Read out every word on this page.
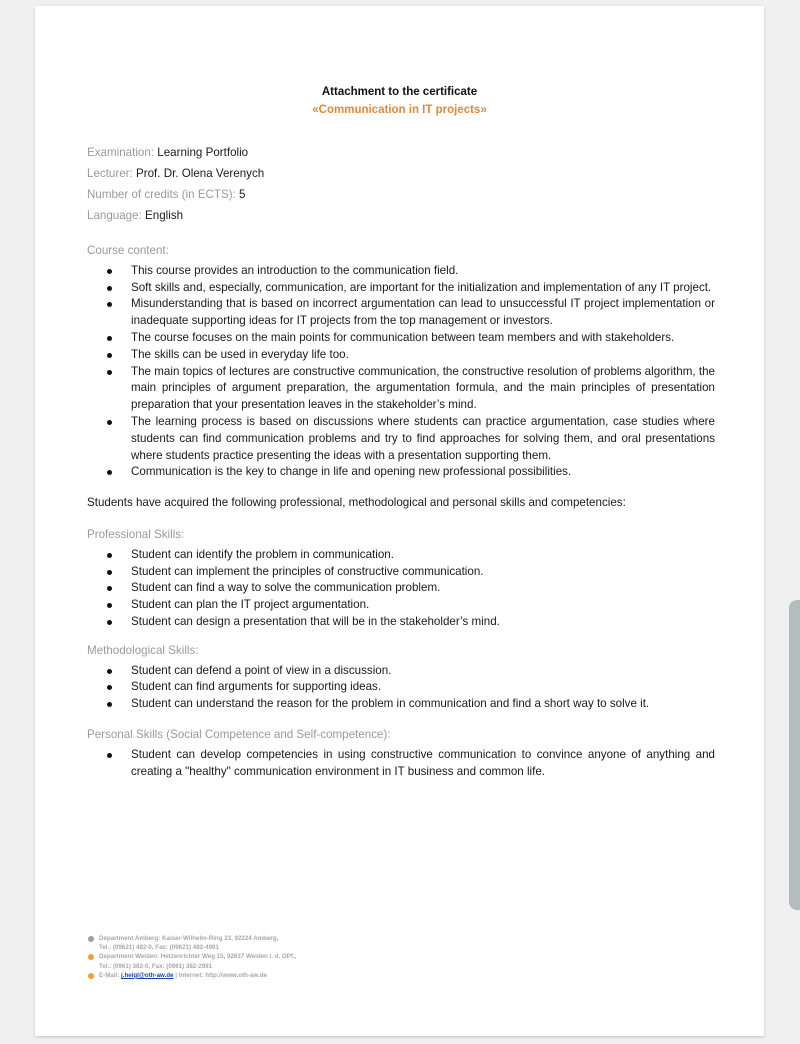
Attachment to the certificate
«Communication in IT projects»
Examination: Learning Portfolio
Lecturer: Prof. Dr. Olena Verenych
Number of credits (in ECTS): 5
Language: English
Course content:
This course provides an introduction to the communication field.
Soft skills and, especially, communication, are important for the initialization and implementation of any IT project.
Misunderstanding that is based on incorrect argumentation can lead to unsuccessful IT project implementation or inadequate supporting ideas for IT projects from the top management or investors.
The course focuses on the main points for communication between team members and with stakeholders.
The skills can be used in everyday life too.
The main topics of lectures are constructive communication, the constructive resolution of problems algorithm, the main principles of argument preparation, the argumentation formula, and the main principles of presentation preparation that your presentation leaves in the stakeholder’s mind.
The learning process is based on discussions where students can practice argumentation, case studies where students can find communication problems and try to find approaches for solving them, and oral presentations where students practice presenting the ideas with a presentation supporting them.
Communication is the key to change in life and opening new professional possibilities.
Students have acquired the following professional, methodological and personal skills and competencies:
Professional Skills:
Student can identify the problem in communication.
Student can implement the principles of constructive communication.
Student can find a way to solve the communication problem.
Student can plan the IT project argumentation.
Student can design a presentation that will be in the stakeholder’s mind.
Methodological Skills:
Student can defend a point of view in a discussion.
Student can find arguments for supporting ideas.
Student can understand the reason for the problem in communication and find a short way to solve it.
Personal Skills (Social Competence and Self-competence):
Student can develop competencies in using constructive communication to convince anyone of anything and creating a "healthy" communication environment in IT business and common life.
Department Amberg: Kaiser-Wilhelm-Ring 23, 92224 Amberg,
Tel.: (09621) 482-0, Fax: (09621) 482-4991
Department Weiden: Hetzenrichter Weg 15, 92637 Weiden i. d. OPf.,
Tel.: (0961) 382-0, Fax: (0961) 382-2991
E-Mail: j.heigl@oth-aw.de | Internet: http://www.oth-aw.de
